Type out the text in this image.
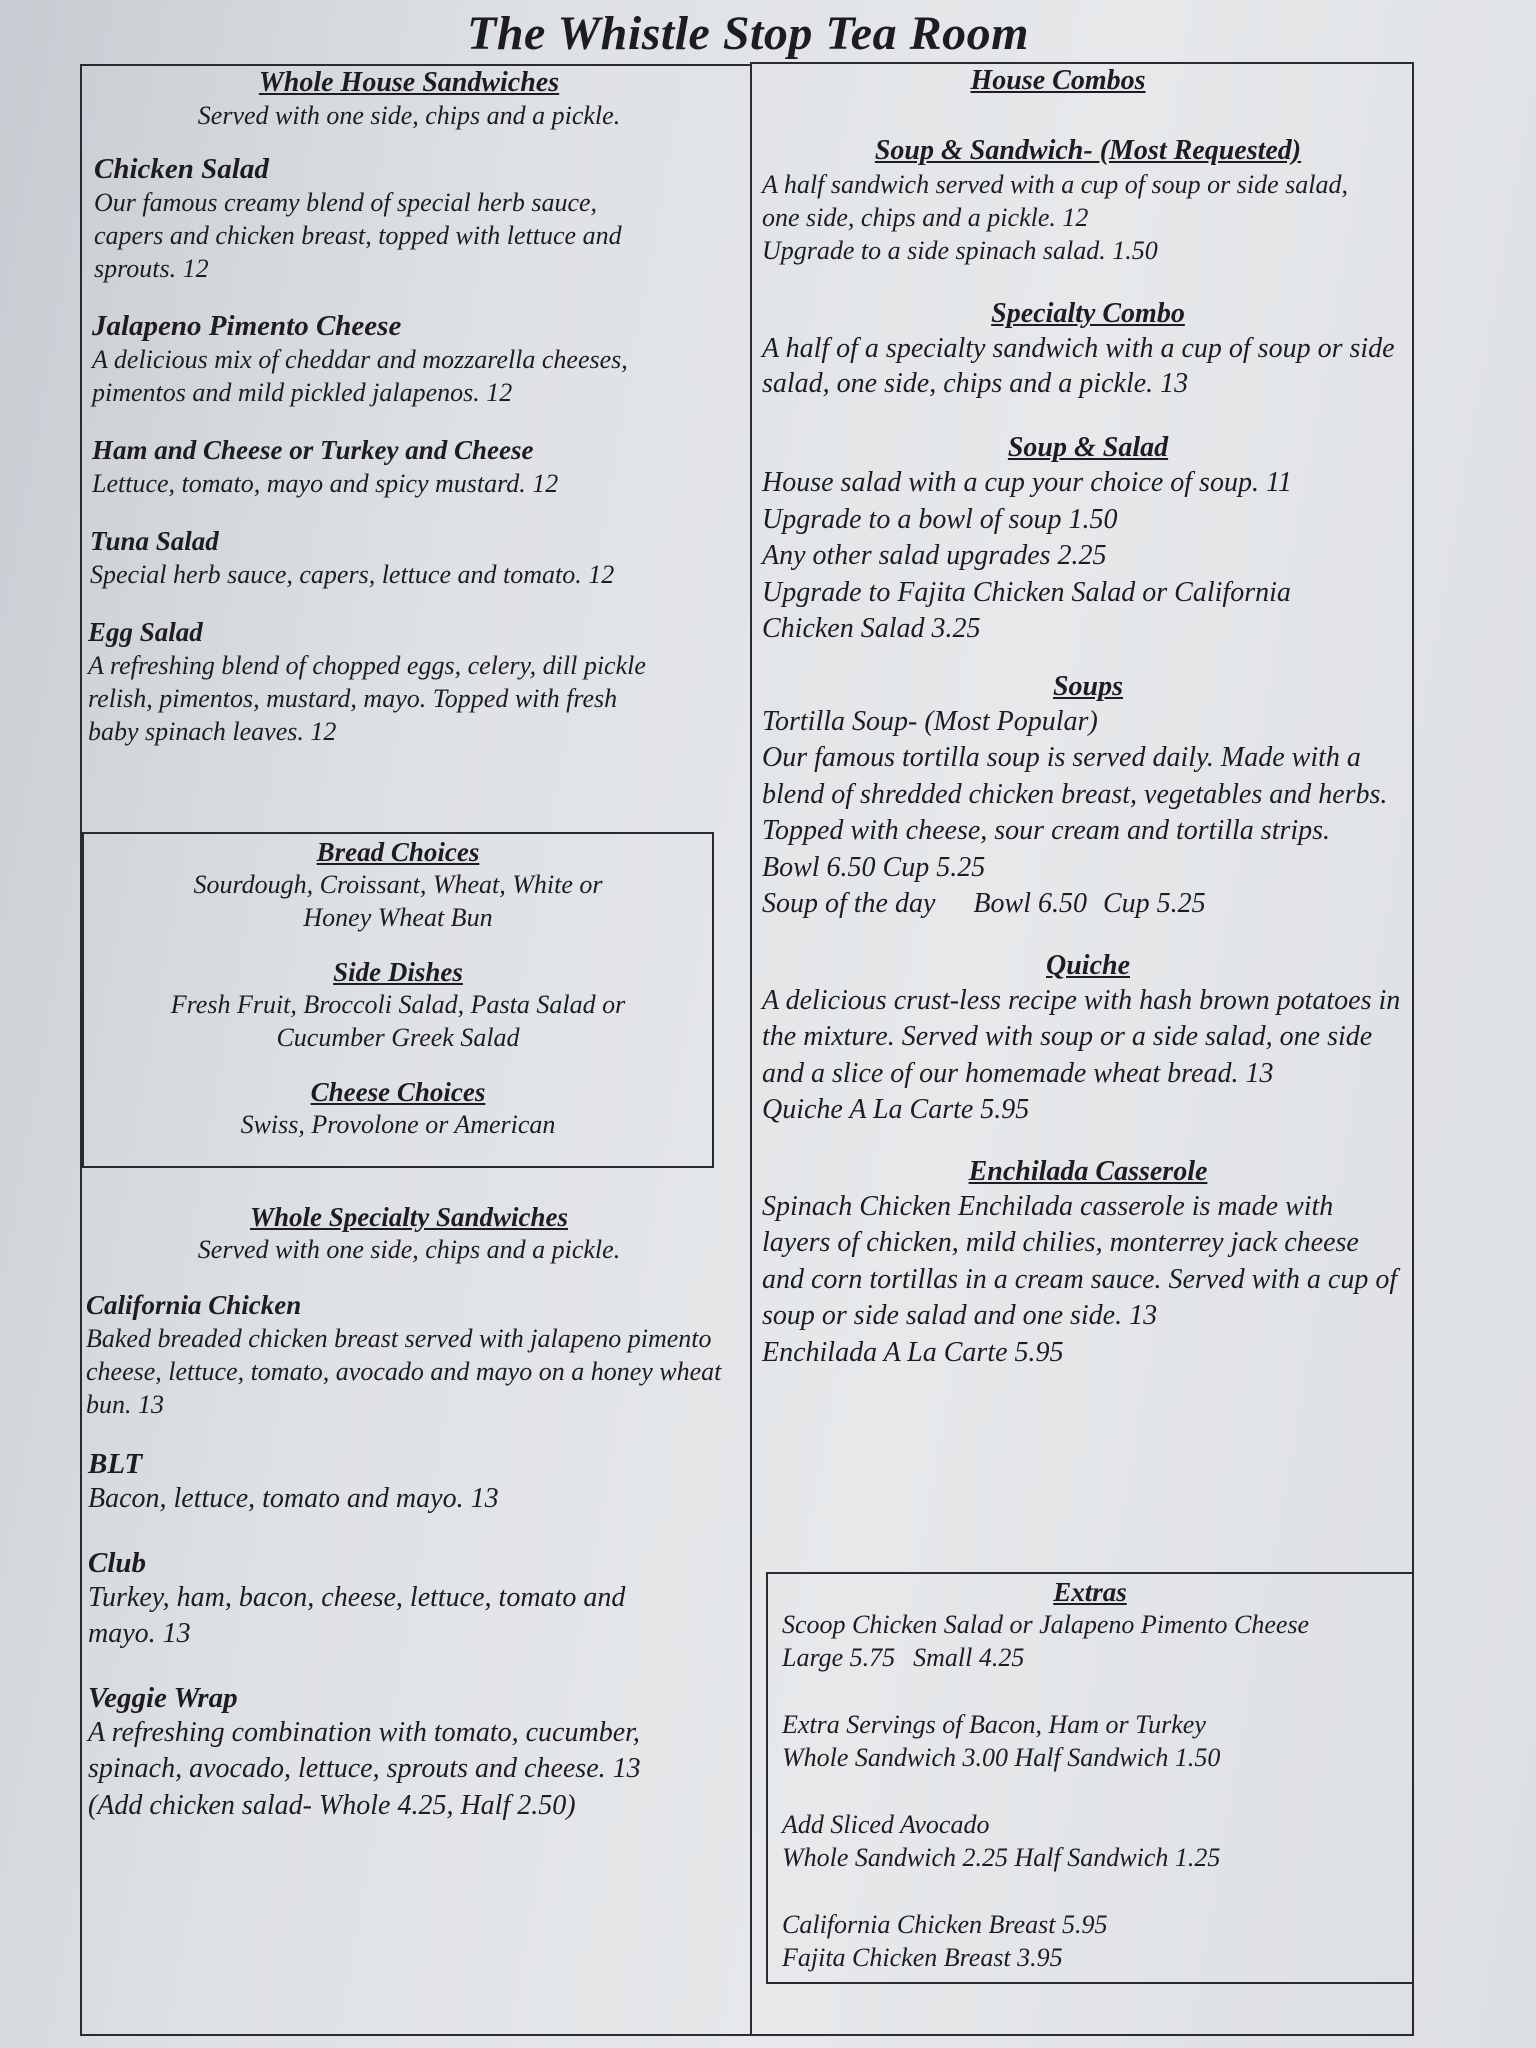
The Whistle Stop Tea Room
Whole House Sandwiches
Served with one side, chips and a pickle.
Chicken Salad
Our famous creamy blend of special herb sauce, capers and chicken breast, topped with lettuce and sprouts. 12
Jalapeno Pimento Cheese
A delicious mix of cheddar and mozzarella cheeses, pimentos and mild pickled jalapenos. 12
Ham and Cheese or Turkey and Cheese
Lettuce, tomato, mayo and spicy mustard. 12
Tuna Salad
Special herb sauce, capers, lettuce and tomato. 12
Egg Salad
A refreshing blend of chopped eggs, celery, dill pickle relish, pimentos, mustard, mayo. Topped with fresh baby spinach leaves. 12
Bread Choices
Sourdough, Croissant, Wheat, White or Honey Wheat Bun
Side Dishes
Fresh Fruit, Broccoli Salad, Pasta Salad or Cucumber Greek Salad
Cheese Choices
Swiss, Provolone or American
Whole Specialty Sandwiches
Served with one side, chips and a pickle.
California Chicken
Baked breaded chicken breast served with jalapeno pimento cheese, lettuce, tomato, avocado and mayo on a honey wheat bun. 13
BLT
Bacon, lettuce, tomato and mayo. 13
Club
Turkey, ham, bacon, cheese, lettuce, tomato and mayo. 13
Veggie Wrap
A refreshing combination with tomato, cucumber, spinach, avocado, lettuce, sprouts and cheese. 13
(Add chicken salad- Whole 4.25, Half 2.50)
House Combos
Soup & Sandwich- (Most Requested)
A half sandwich served with a cup of soup or side salad, one side, chips and a pickle. 12
Upgrade to a side spinach salad. 1.50
Specialty Combo
A half of a specialty sandwich with a cup of soup or side salad, one side, chips and a pickle. 13
Soup & Salad
House salad with a cup your choice of soup. 11
Upgrade to a bowl of soup 1.50
Any other salad upgrades 2.25
Upgrade to Fajita Chicken Salad or California Chicken Salad 3.25
Soups
Tortilla Soup- (Most Popular)
Our famous tortilla soup is served daily. Made with a blend of shredded chicken breast, vegetables and herbs. Topped with cheese, sour cream and tortilla strips.
Bowl 6.50 Cup 5.25
Soup of the day Bowl 6.50 Cup 5.25
Quiche
A delicious crust-less recipe with hash brown potatoes in the mixture. Served with soup or a side salad, one side and a slice of our homemade wheat bread. 13
Quiche A La Carte 5.95
Enchilada Casserole
Spinach Chicken Enchilada casserole is made with layers of chicken, mild chilies, monterrey jack cheese and corn tortillas in a cream sauce. Served with a cup of soup or side salad and one side. 13
Enchilada A La Carte 5.95
Extras
Scoop Chicken Salad or Jalapeno Pimento Cheese
Large 5.75 Small 4.25
Extra Servings of Bacon, Ham or Turkey
Whole Sandwich 3.00 Half Sandwich 1.50
Add Sliced Avocado
Whole Sandwich 2.25 Half Sandwich 1.25
California Chicken Breast 5.95
Fajita Chicken Breast 3.95
